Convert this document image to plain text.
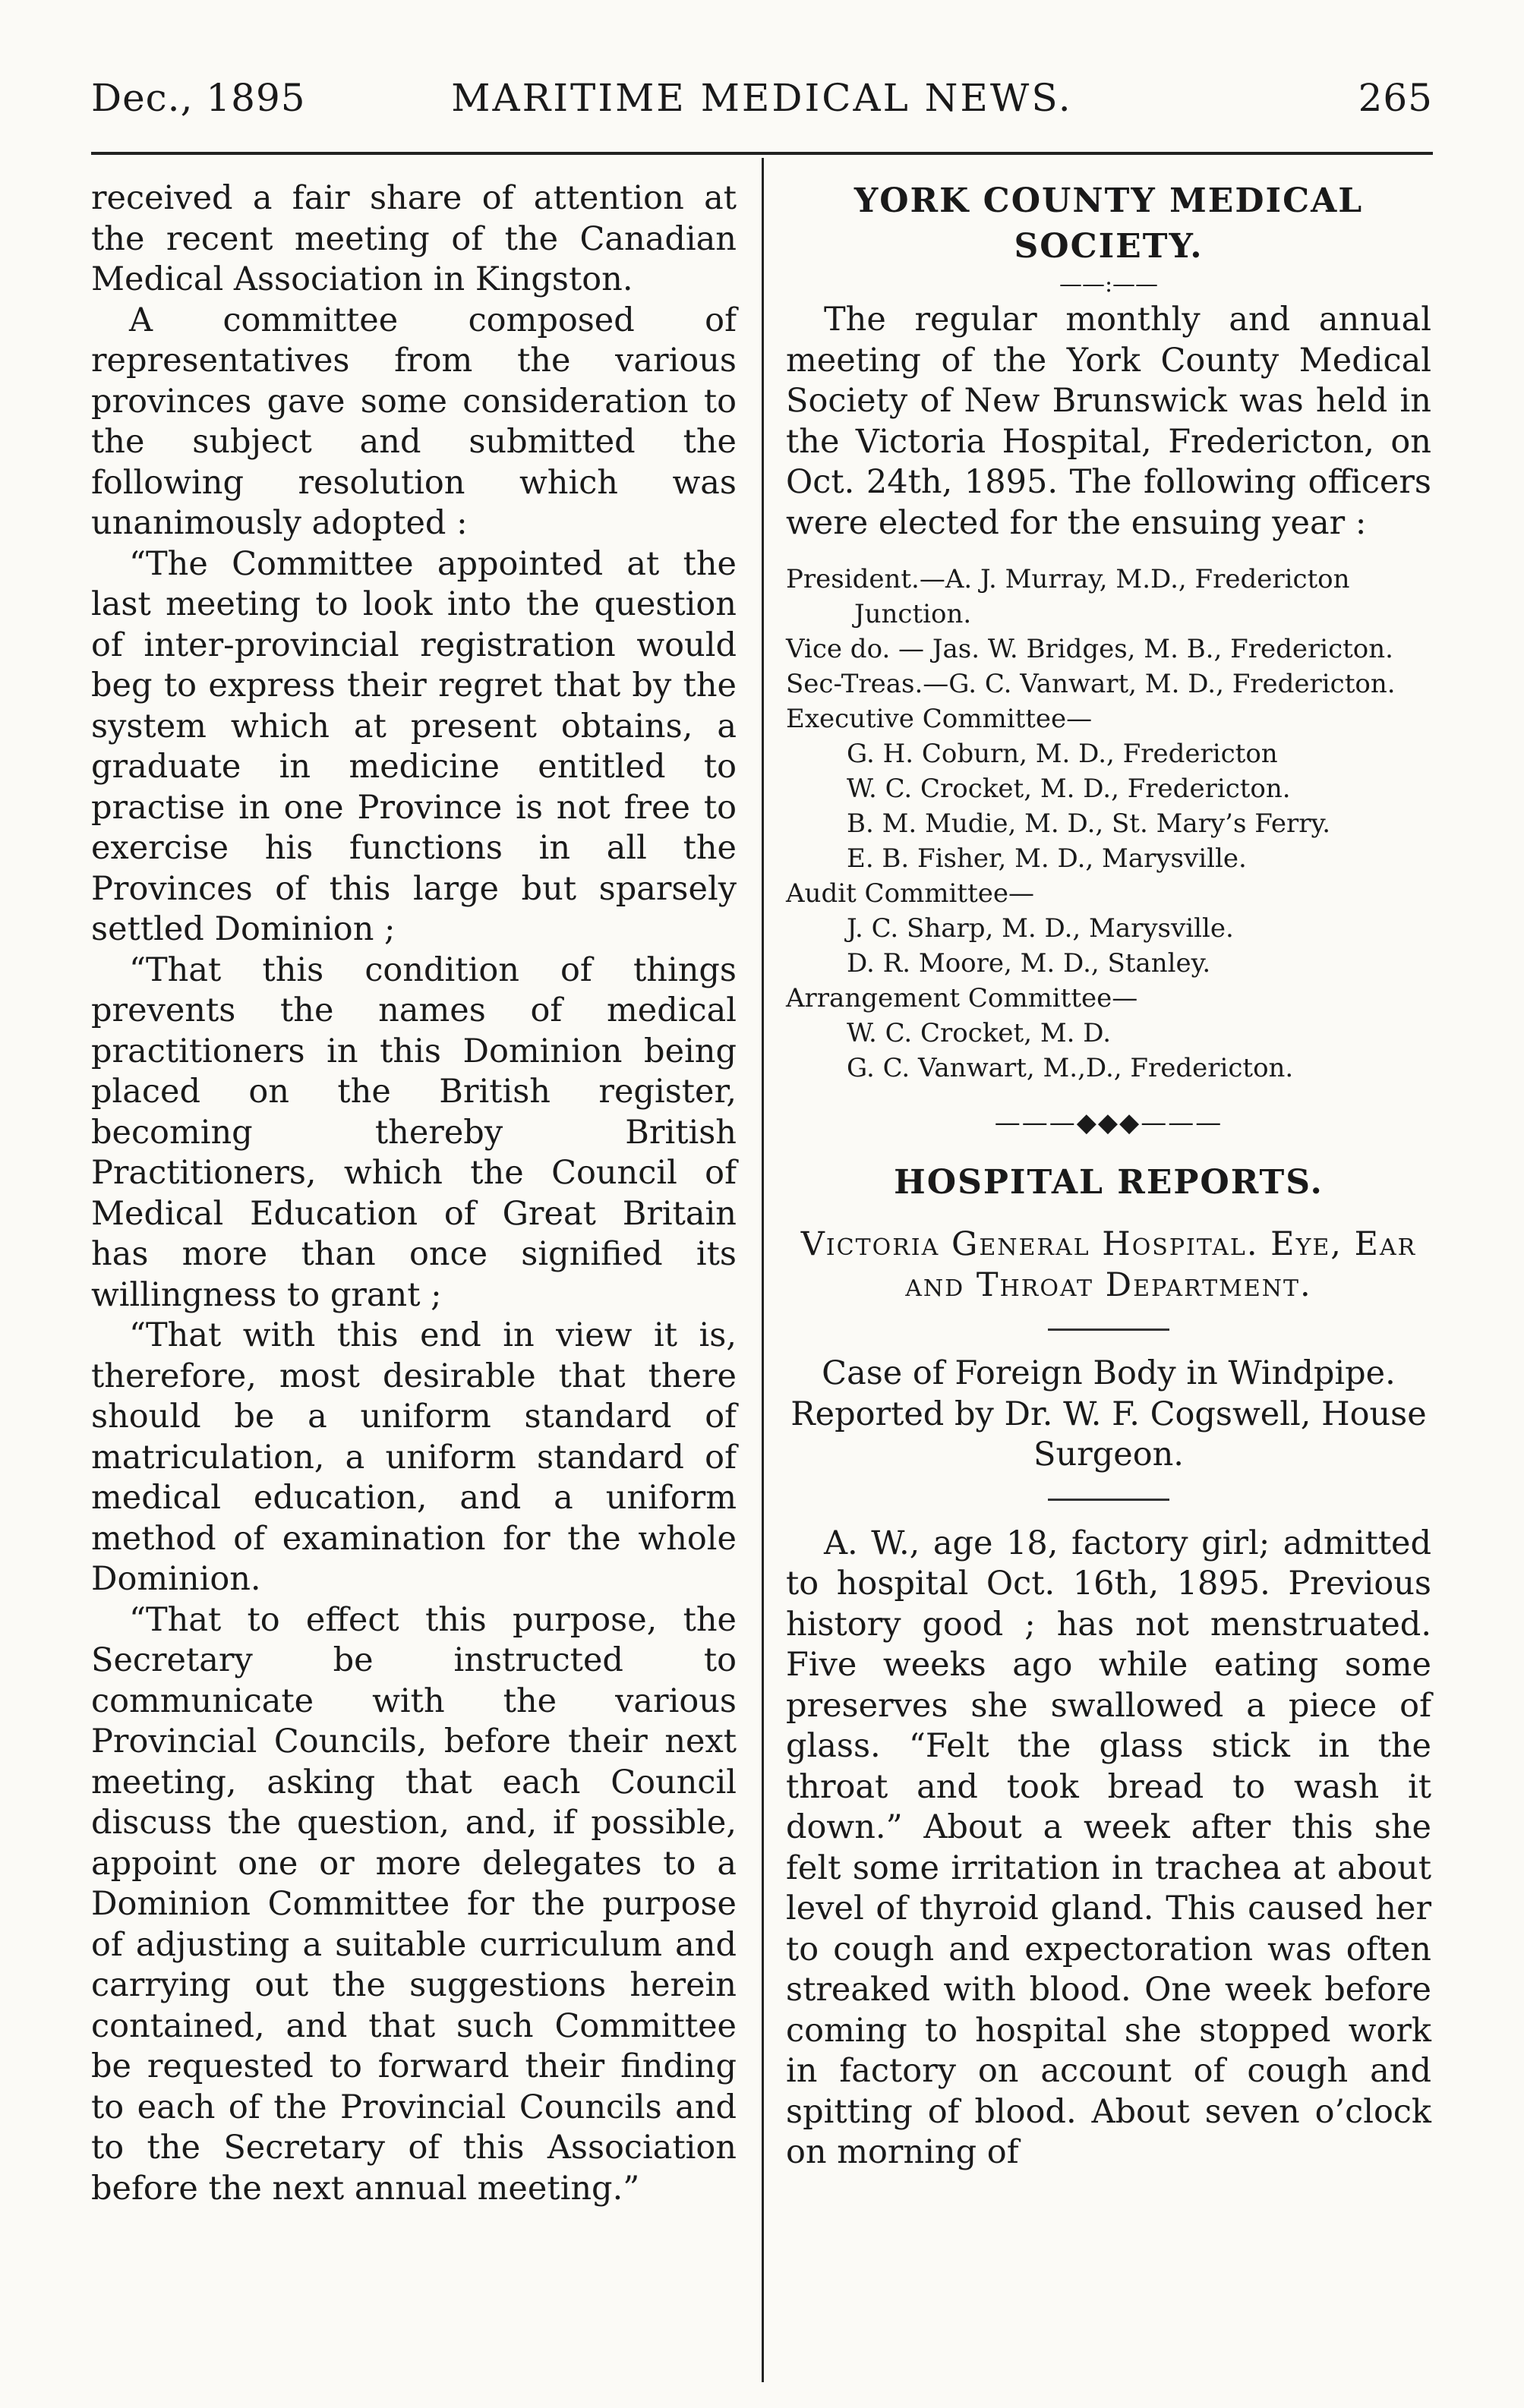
Dec., 1895	MARITIME MEDICAL NEWS.	265

received a fair share of attention at the recent meeting of the Canadian Medical Association in Kingston.

A committee composed of representatives from the various provinces gave some consideration to the subject and submitted the following resolution which was unanimously adopted :

“The Committee appointed at the last meeting to look into the question of inter-provincial registration would beg to express their regret that by the system which at present obtains, a graduate in medicine entitled to practise in one Province is not free to exercise his functions in all the Provinces of this large but sparsely settled Dominion ;

“That this condition of things prevents the names of medical practitioners in this Dominion being placed on the British register, becoming thereby British Practitioners, which the Council of Medical Education of Great Britain has more than once signified its willingness to grant ;

“That with this end in view it is, therefore, most desirable that there should be a uniform standard of matriculation, a uniform standard of medical education, and a uniform method of examination for the whole Dominion.

“That to effect this purpose, the Secretary be instructed to communicate with the various Provincial Councils, before their next meeting, asking that each Council discuss the question, and, if possible, appoint one or more delegates to a Dominion Committee for the purpose of adjusting a suitable curriculum and carrying out the suggestions herein contained, and that such Committee be requested to forward their finding to each of the Provincial Councils and to the Secretary of this Association before the next annual meeting.”

YORK COUNTY MEDICAL SOCIETY.
——:——

The regular monthly and annual meeting of the York County Medical Society of New Brunswick was held in the Victoria Hospital, Fredericton, on Oct. 24th, 1895. The following officers were elected for the ensuing year :

President.—A. J. Murray, M.D., Fredericton Junction.

Vice do. — Jas. W. Bridges, M. B., Fredericton.

Sec-Treas.—G. C. Vanwart, M. D., Fredericton.

Executive Committee—

G. H. Coburn, M. D., Fredericton

W. C. Crocket, M. D., Fredericton.

B. M. Mudie, M. D., St. Mary’s Ferry.

E. B. Fisher, M. D., Marysville.

Audit Committee—

J. C. Sharp, M. D., Marysville.

D. R. Moore, M. D., Stanley.

Arrangement Committee—

W. C. Crocket, M. D.

G. C. Vanwart, M.,D., Fredericton.

———◆◆◆———
HOSPITAL REPORTS.

Victoria General Hospital. Eye, Ear and Throat Department.

Case of Foreign Body in Windpipe.

Reported by Dr. W. F. Cogswell, House Surgeon.

A. W., age 18, factory girl; admitted to hospital Oct. 16th, 1895. Previous history good ; has not menstruated. Five weeks ago while eating some preserves she swallowed a piece of glass. “Felt the glass stick in the throat and took bread to wash it down.” About a week after this she felt some irritation in trachea at about level of thyroid gland. This caused her to cough and expectoration was often streaked with blood. One week before coming to hospital she stopped work in factory on account of cough and spitting of blood. About seven o’clock on morning of
